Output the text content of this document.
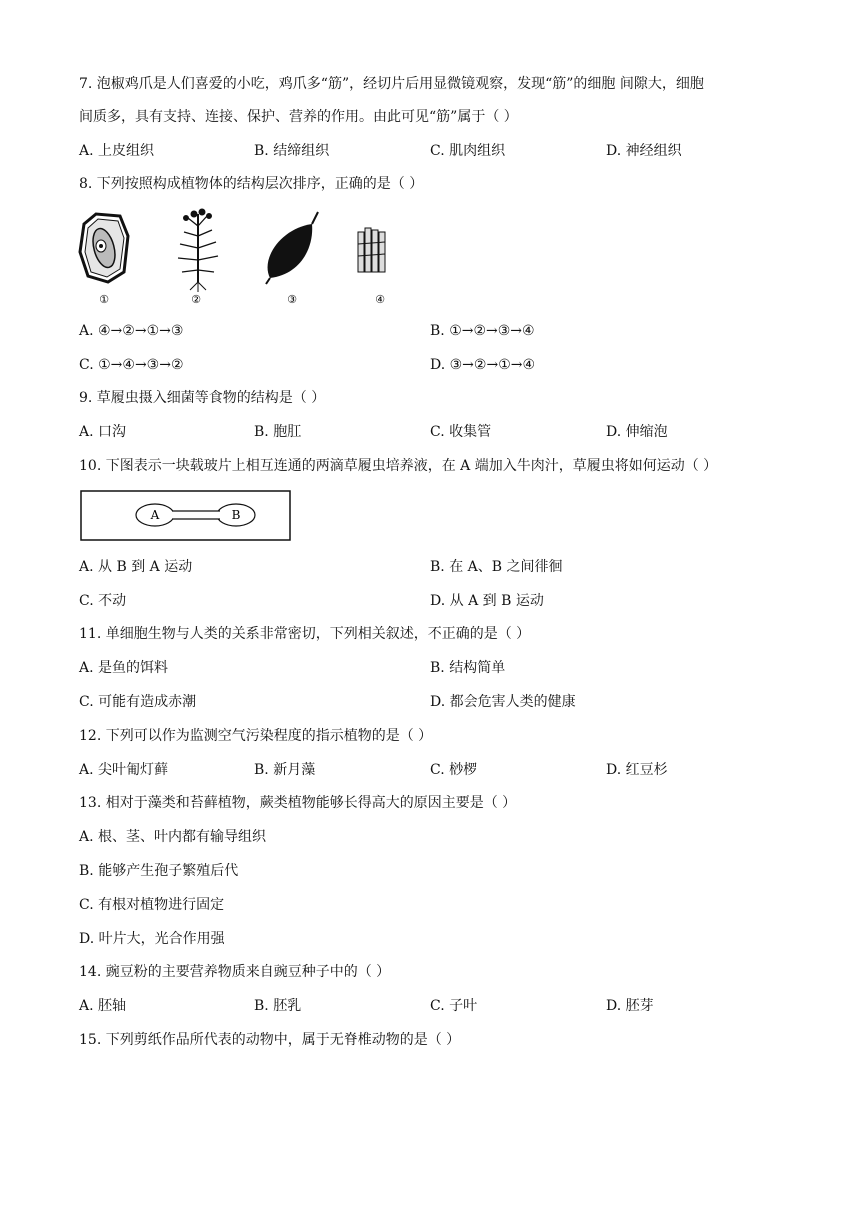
7. 泡椒鸡爪是人们喜爱的小吃，鸡爪多“筋”，经切片后用显微镜观察，发现“筋”的细胞 间隙大，细胞
间质多，具有支持、连接、保护、营养的作用。由此可见“筋”属于（ ）
A. 上皮组织	B. 结缔组织	C. 肌肉组织	D. 神经组织
8. 下列按照构成植物体的结构层次排序，正确的是（ ）
①	②	③	④
A. ④→②→①→③	B. ①→②→③→④
C. ①→④→③→②	D. ③→②→①→④
9. 草履虫摄入细菌等食物的结构是（ ）
A. 口沟	B. 胞肛	C. 收集管	D. 伸缩泡
10. 下图表示一块载玻片上相互连通的两滴草履虫培养液，在 A 端加入牛肉汁，草履虫将如何运动（ ）
A	B
A. 从 B 到 A 运动	B. 在 A、B 之间徘徊
C. 不动	D. 从 A 到 B 运动
11. 单细胞生物与人类的关系非常密切，下列相关叙述，不正确的是（ ）
A. 是鱼的饵料	B. 结构简单
C. 可能有造成赤潮	D. 都会危害人类的健康
12. 下列可以作为监测空气污染程度的指示植物的是（ ）
A. 尖叶匍灯藓	B. 新月藻	C. 桫椤	D. 红豆杉
13. 相对于藻类和苔藓植物，蕨类植物能够长得高大的原因主要是（ ）
A. 根、茎、叶内都有输导组织
B. 能够产生孢子繁殖后代
C. 有根对植物进行固定
D. 叶片大，光合作用强
14. 豌豆粉的主要营养物质来自豌豆种子中的（ ）
A. 胚轴	B. 胚乳	C. 子叶	D. 胚芽
15. 下列剪纸作品所代表的动物中，属于无脊椎动物的是（ ）
